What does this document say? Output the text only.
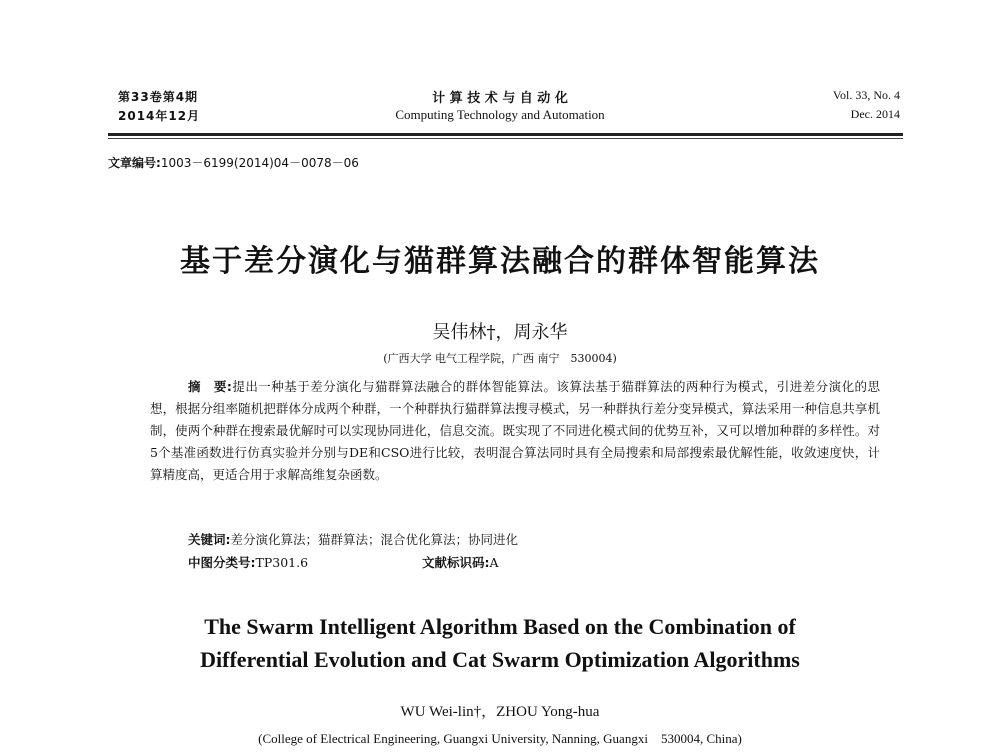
第33卷第4期
2014年12月
计 算 技 术 与 自 动 化
Computing Technology and Automation
Vol. 33, No. 4
Dec. 2014
文章编号:1003－6199(2014)04－0078－06
基于差分演化与猫群算法融合的群体智能算法
吴伟林†，周永华
(广西大学 电气工程学院，广西 南宁　530004)
摘　要:提出一种基于差分演化与猫群算法融合的群体智能算法。该算法基于猫群算法的两种行为模式，引进差分演化的思想，根据分组率随机把群体分成两个种群，一个种群执行猫群算法搜寻模式，另一种群执行差分变异模式，算法采用一种信息共享机制，使两个种群在搜索最优解时可以实现协同进化，信息交流。既实现了不同进化模式间的优势互补，又可以增加种群的多样性。对5个基准函数进行仿真实验并分别与DE和CSO进行比较，表明混合算法同时具有全局搜索和局部搜索最优解性能，收敛速度快，计算精度高，更适合用于求解高维复杂函数。
关键词:差分演化算法；猫群算法；混合优化算法；协同进化
中图分类号:TP301.6	文献标识码:A
The Swarm Intelligent Algorithm Based on the Combination of
Differential Evolution and Cat Swarm Optimization Algorithms
WU Wei-lin†，ZHOU Yong-hua
(College of Electrical Engineering, Guangxi University, Nanning, Guangxi　530004, China)
